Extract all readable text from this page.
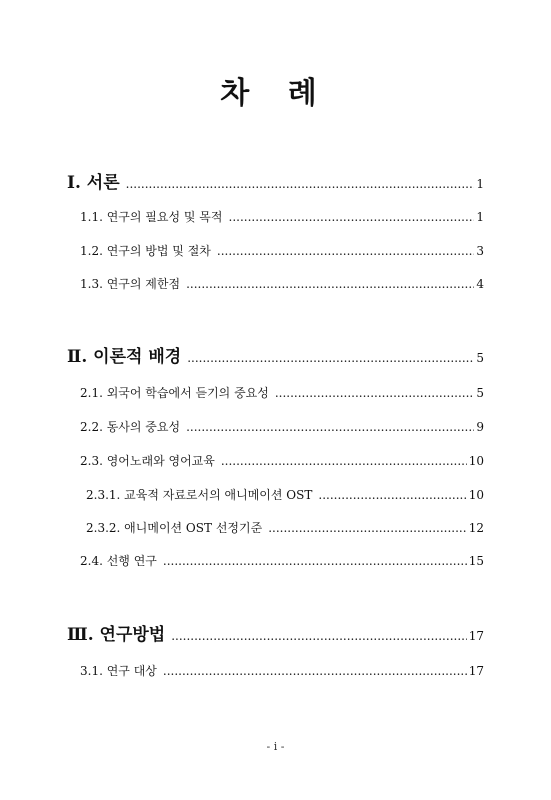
차 례
Ⅰ. 서론 .....	1
1.1. 연구의 필요성 및 목적 .....	1
1.2. 연구의 방법 및 절차 .....	3
1.3. 연구의 제한점 .....	4
Ⅱ. 이론적 배경 .....	5
2.1. 외국어 학습에서 듣기의 중요성 .....	5
2.2. 동사의 중요성 .....	9
2.3. 영어노래와 영어교육 .....	10
2.3.1. 교육적 자료로서의 애니메이션 OST .....	10
2.3.2. 애니메이션 OST 선정기준 .....	12
2.4. 선행 연구 .....	15
Ⅲ. 연구방법 .....	17
3.1. 연구 대상 .....	17
- i -
